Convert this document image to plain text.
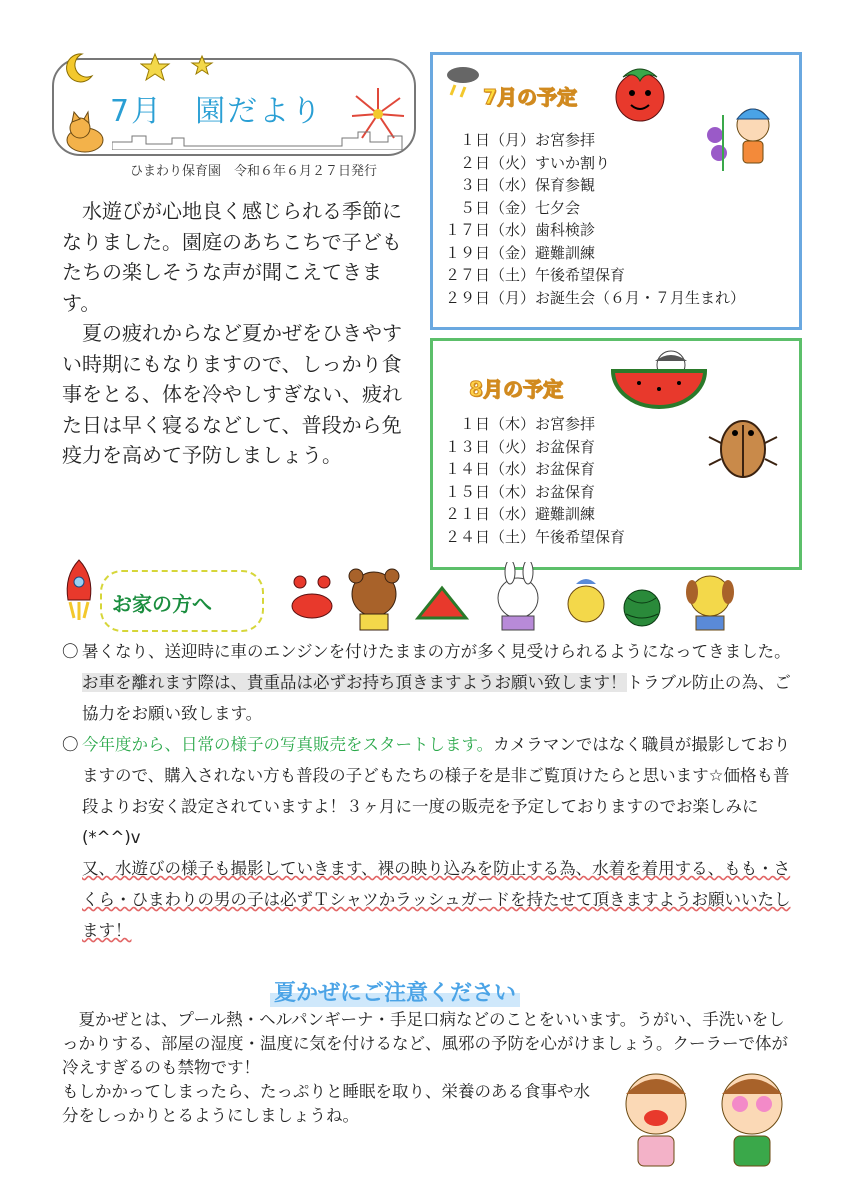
7月　園だより
ひまわり保育園　令和６年６月２７日発行

水遊びが心地良く感じられる季節になりました。園庭のあちこちで子どもたちの楽しそうな声が聞こえてきます。

夏の疲れからなど夏かぜをひきやすい時期にもなりますので、しっかり食事をとる、体を冷やしすぎない、疲れた日は早く寝るなどして、普段から免疫力を高めて予防しましょう。

7月の予定
　１日（月）お宮参拝
　２日（火）すいか割り
　３日（水）保育参観
　５日（金）七夕会
１７日（水）歯科検診
１９日（金）避難訓練
２７日（土）午後希望保育
２９日（月）お誕生会（６月・７月生まれ）
8月の予定
　１日（木）お宮参拝
１３日（火）お盆保育
１４日（水）お盆保育
１５日（木）お盆保育
２１日（水）避難訓練
２４日（土）午後希望保育
お家の方へ
〇 暑くなり、送迎時に車のエンジンを付けたままの方が多く見受けられるようになってきました。お車を離れます際は、貴重品は必ずお持ち頂きますようお願い致します！トラブル防止の為、ご協力をお願い致します。

〇 今年度から、日常の様子の写真販売をスタートします。カメラマンではなく職員が撮影しておりますので、購入されない方も普段の子どもたちの様子を是非ご覧頂けたらと思います☆価格も普段よりお安く設定されていますよ！３ヶ月に一度の販売を予定しておりますのでお楽しみに(*^^)v

又、水遊びの様子も撮影していきます、裸の映り込みを防止する為、水着を着用する、もも・さくら・ひまわりの男の子は必ずＴシャツかラッシュガードを持たせて頂きますようお願いいたします！

夏かぜにご注意ください

夏かぜとは、プール熱・ヘルパンギーナ・手足口病などのことをいいます。うがい、手洗いをしっかりする、部屋の湿度・温度に気を付けるなど、風邪の予防を心がけましょう。クーラーで体が冷えすぎるのも禁物です！

もしかかってしまったら、たっぷりと睡眠を取り、栄養のある食事や水分をしっかりとるようにしましょうね。
